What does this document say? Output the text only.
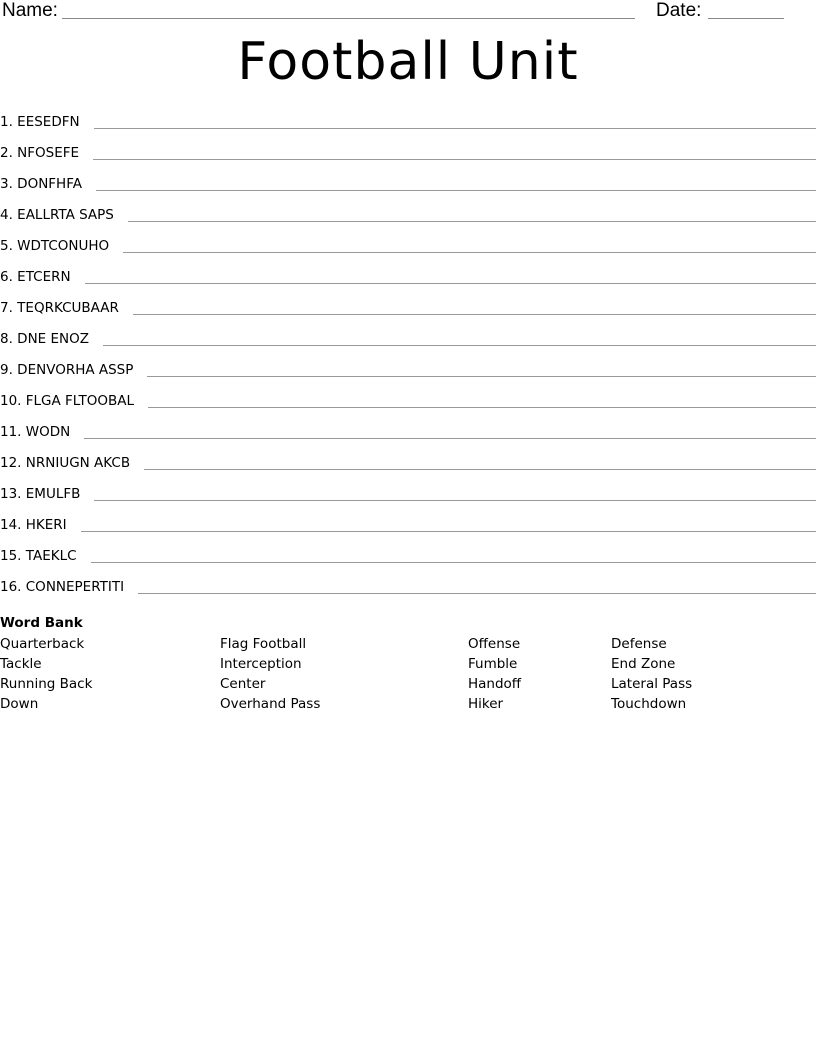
Name:	Date:
Football Unit
1. EESEDFN
2. NFOSEFE
3. DONFHFA
4. EALLRTA SAPS
5. WDTCONUHO
6. ETCERN
7. TEQRKCUBAAR
8. DNE ENOZ
9. DENVORHA ASSP
10. FLGA FLTOOBAL
11. WODN
12. NRNIUGN AKCB
13. EMULFB
14. HKERI
15. TAEKLC
16. CONNEPERTITI
Word Bank
Quarterback
Tackle
Running Back
Down
Flag Football
Interception
Center
Overhand Pass
Offense
Fumble
Handoff
Hiker
Defense
End Zone
Lateral Pass
Touchdown
